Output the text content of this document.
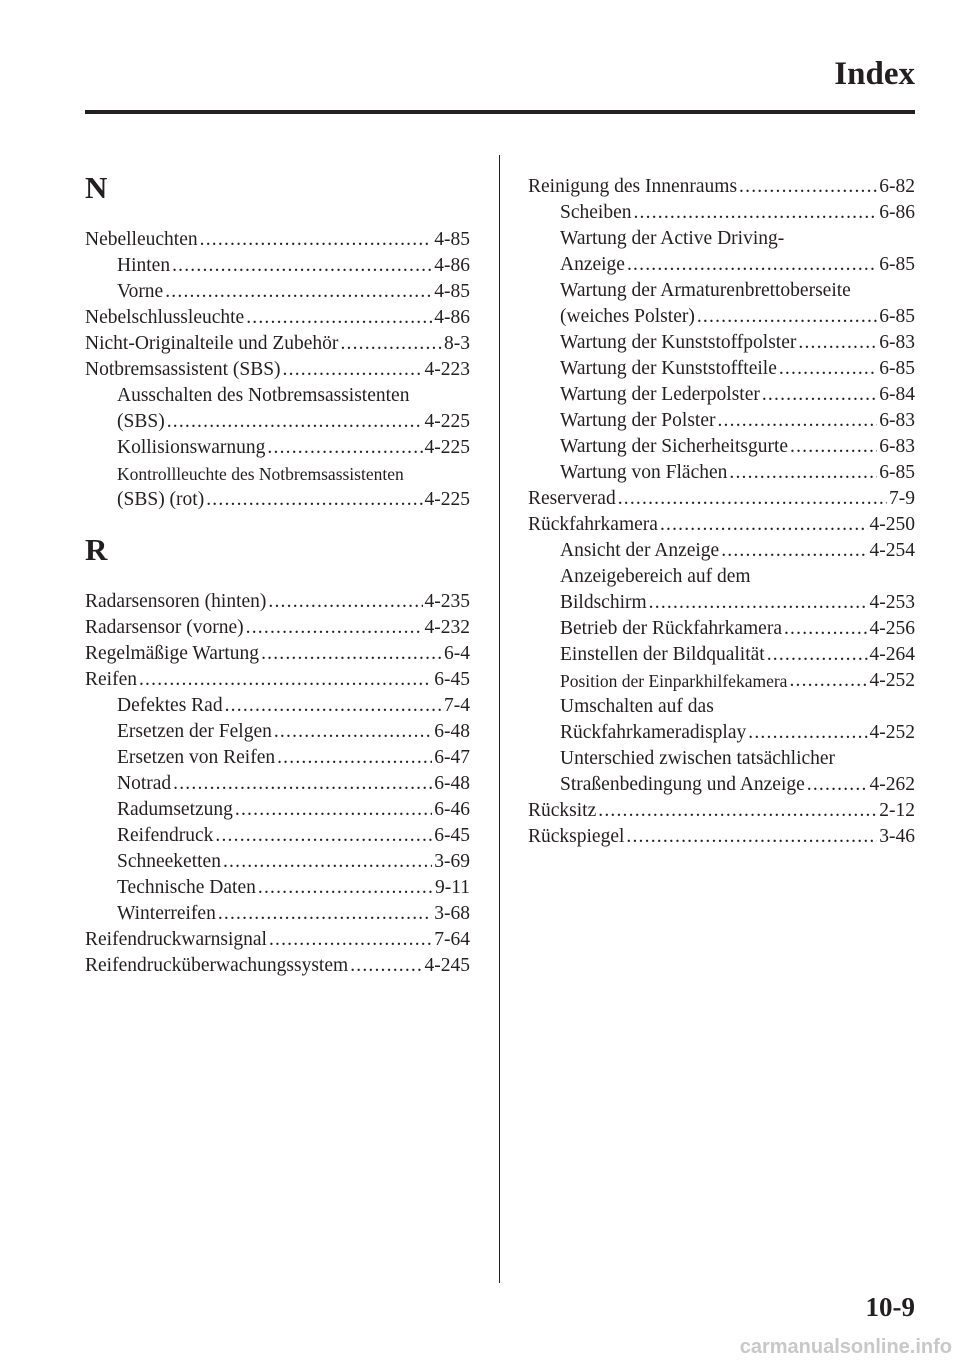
Index
N
Nebelleuchten .....	4-85
Hinten .....	4-86
Vorne .....	4-85
Nebelschlussleuchte .....	4-86
Nicht-Originalteile und Zubehör .....	8-3
Notbremsassistent (SBS) .....	4-223
Ausschalten des Notbremsassistenten
(SBS) .....	4-225
Kollisionswarnung .....	4-225
Kontrollleuchte des Notbremsassistenten
(SBS) (rot) .....	4-225
R
Radarsensoren (hinten) .....	4-235
Radarsensor (vorne) .....	4-232
Regelmäßige Wartung .....	6-4
Reifen .....	6-45
Defektes Rad .....	7-4
Ersetzen der Felgen .....	6-48
Ersetzen von Reifen .....	6-47
Notrad .....	6-48
Radumsetzung .....	6-46
Reifendruck .....	6-45
Schneeketten .....	3-69
Technische Daten .....	9-11
Winterreifen .....	3-68
Reifendruckwarnsignal .....	7-64
Reifendrucküberwachungssystem .....	4-245
Reinigung des Innenraums .....	6-82
Scheiben .....	6-86
Wartung der Active Driving-
Anzeige .....	6-85
Wartung der Armaturenbrettoberseite
(weiches Polster) .....	6-85
Wartung der Kunststoffpolster .....	6-83
Wartung der Kunststoffteile .....	6-85
Wartung der Lederpolster .....	6-84
Wartung der Polster .....	6-83
Wartung der Sicherheitsgurte .....	6-83
Wartung von Flächen .....	6-85
Reserverad .....	7-9
Rückfahrkamera .....	4-250
Ansicht der Anzeige .....	4-254
Anzeigebereich auf dem
Bildschirm .....	4-253
Betrieb der Rückfahrkamera .....	4-256
Einstellen der Bildqualität .....	4-264
Position der Einparkhilfekamera .....	4-252
Umschalten auf das
Rückfahrkameradisplay .....	4-252
Unterschied zwischen tatsächlicher
Straßenbedingung und Anzeige .....	4-262
Rücksitz .....	2-12
Rückspiegel .....	3-46
10-9
carmanualsonline.info
